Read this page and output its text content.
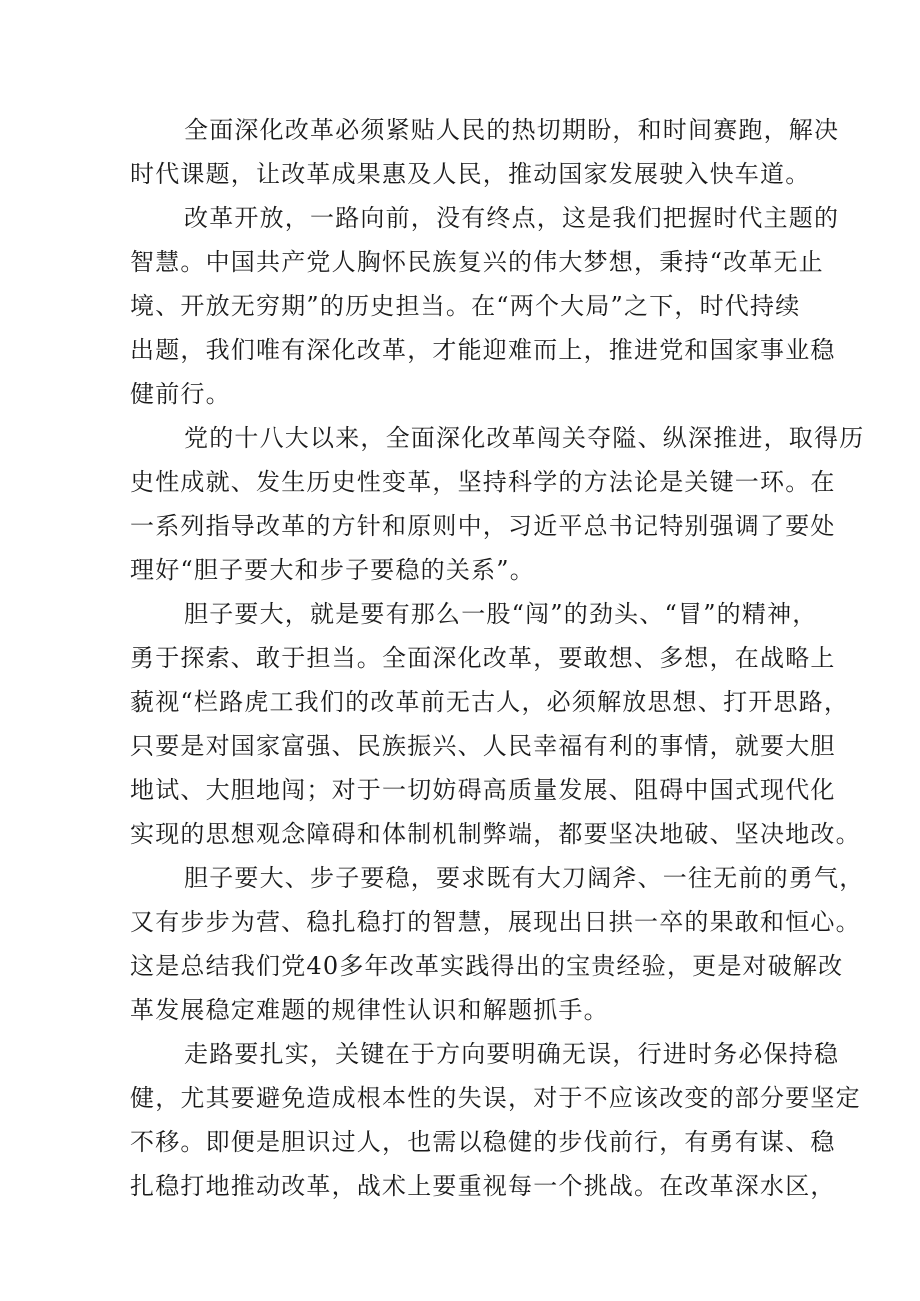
全面深化改革必须紧贴人民的热切期盼，和时间赛跑，解决
时代课题，让改革成果惠及人民，推动国家发展驶入快车道。
改革开放，一路向前，没有终点，这是我们把握时代主题的
智慧。中国共产党人胸怀民族复兴的伟大梦想，秉持“改革无止
境、开放无穷期”的历史担当。在“两个大局”之下，时代持续
出题，我们唯有深化改革，才能迎难而上，推进党和国家事业稳
健前行。
党的十八大以来，全面深化改革闯关夺隘、纵深推进，取得历
史性成就、发生历史性变革，坚持科学的方法论是关键一环。在
一系列指导改革的方针和原则中，习近平总书记特别强调了要处
理好“胆子要大和步子要稳的关系”。
胆子要大，就是要有那么一股“闯”的劲头、“冒”的精神，
勇于探索、敢于担当。全面深化改革，要敢想、多想，在战略上
藐视“栏路虎工我们的改革前无古人，必须解放思想、打开思路，
只要是对国家富强、民族振兴、人民幸福有利的事情，就要大胆
地试、大胆地闯；对于一切妨碍高质量发展、阻碍中国式现代化
实现的思想观念障碍和体制机制弊端，都要坚决地破、坚决地改。
胆子要大、步子要稳，要求既有大刀阔斧、一往无前的勇气，
又有步步为营、稳扎稳打的智慧，展现出日拱一卒的果敢和恒心。
这是总结我们党40多年改革实践得出的宝贵经验，更是对破解改
革发展稳定难题的规律性认识和解题抓手。
走路要扎实，关键在于方向要明确无误，行进时务必保持稳
健，尤其要避免造成根本性的失误，对于不应该改变的部分要坚定
不移。即便是胆识过人，也需以稳健的步伐前行，有勇有谋、稳
扎稳打地推动改革，战术上要重视每一个挑战。在改革深水区，
